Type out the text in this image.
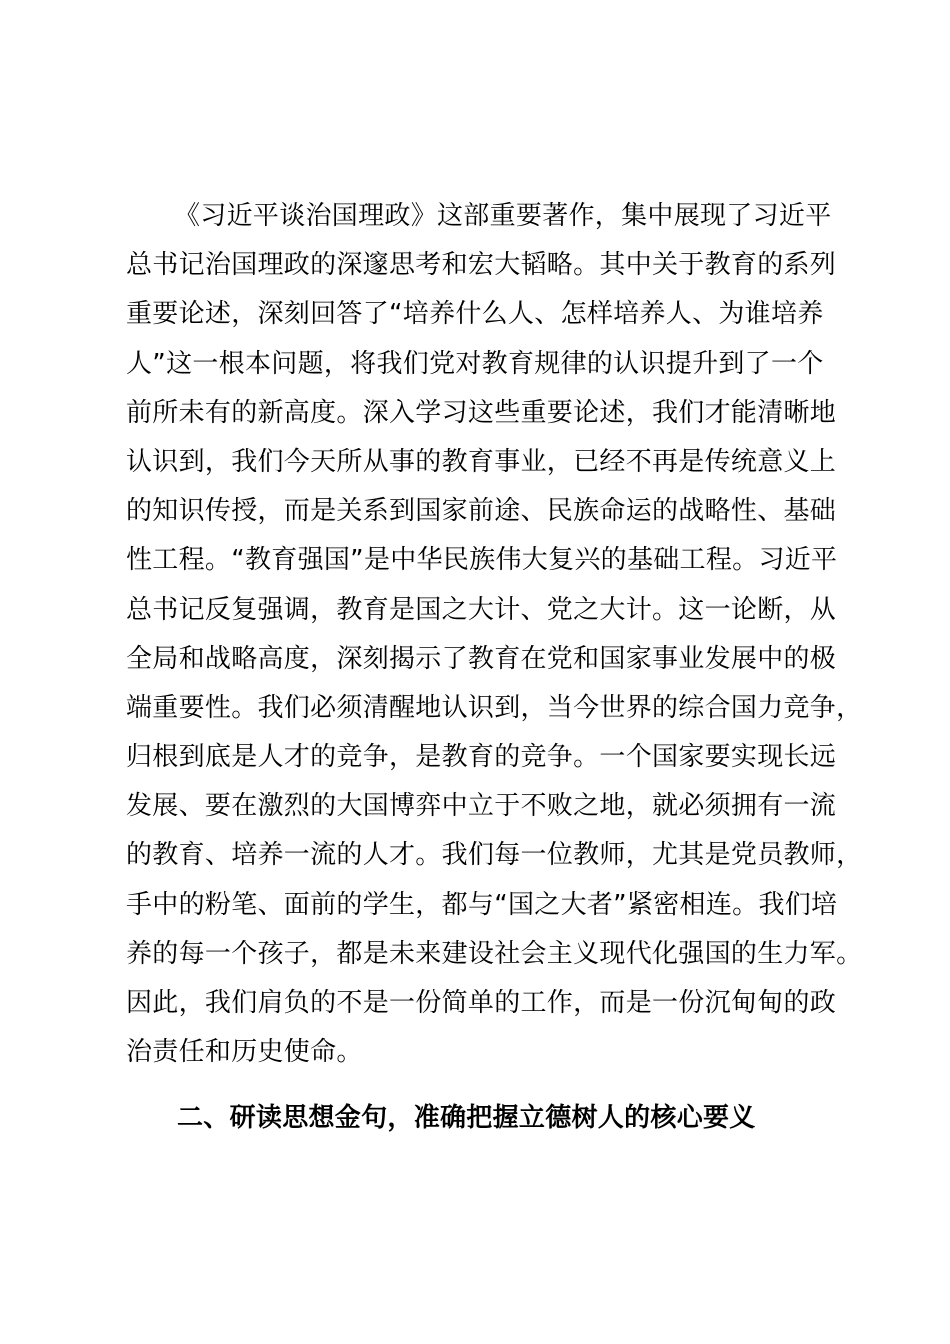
《习近平谈治国理政》这部重要著作，集中展现了习近平
总书记治国理政的深邃思考和宏大韬略。其中关于教育的系列
重要论述，深刻回答了“培养什么人、怎样培养人、为谁培养
人”这一根本问题，将我们党对教育规律的认识提升到了一个
前所未有的新高度。深入学习这些重要论述，我们才能清晰地
认识到，我们今天所从事的教育事业，已经不再是传统意义上
的知识传授，而是关系到国家前途、民族命运的战略性、基础
性工程。“教育强国”是中华民族伟大复兴的基础工程。习近平
总书记反复强调，教育是国之大计、党之大计。这一论断，从
全局和战略高度，深刻揭示了教育在党和国家事业发展中的极
端重要性。我们必须清醒地认识到，当今世界的综合国力竞争，
归根到底是人才的竞争，是教育的竞争。一个国家要实现长远
发展、要在激烈的大国博弈中立于不败之地，就必须拥有一流
的教育、培养一流的人才。我们每一位教师，尤其是党员教师，
手中的粉笔、面前的学生，都与“国之大者”紧密相连。我们培
养的每一个孩子，都是未来建设社会主义现代化强国的生力军。
因此，我们肩负的不是一份简单的工作，而是一份沉甸甸的政
治责任和历史使命。

二、研读思想金句，准确把握立德树人的核心要义
